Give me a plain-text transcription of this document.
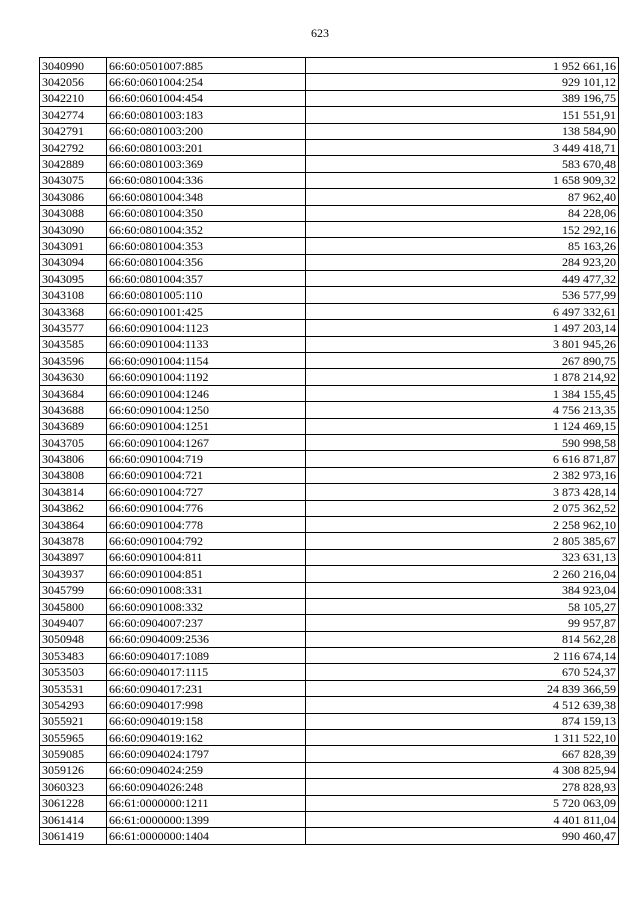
623
3040990	66:60:0501007:885	1 952 661,16
3042056	66:60:0601004:254	929 101,12
3042210	66:60:0601004:454	389 196,75
3042774	66:60:0801003:183	151 551,91
3042791	66:60:0801003:200	138 584,90
3042792	66:60:0801003:201	3 449 418,71
3042889	66:60:0801003:369	583 670,48
3043075	66:60:0801004:336	1 658 909,32
3043086	66:60:0801004:348	87 962,40
3043088	66:60:0801004:350	84 228,06
3043090	66:60:0801004:352	152 292,16
3043091	66:60:0801004:353	85 163,26
3043094	66:60:0801004:356	284 923,20
3043095	66:60:0801004:357	449 477,32
3043108	66:60:0801005:110	536 577,99
3043368	66:60:0901001:425	6 497 332,61
3043577	66:60:0901004:1123	1 497 203,14
3043585	66:60:0901004:1133	3 801 945,26
3043596	66:60:0901004:1154	267 890,75
3043630	66:60:0901004:1192	1 878 214,92
3043684	66:60:0901004:1246	1 384 155,45
3043688	66:60:0901004:1250	4 756 213,35
3043689	66:60:0901004:1251	1 124 469,15
3043705	66:60:0901004:1267	590 998,58
3043806	66:60:0901004:719	6 616 871,87
3043808	66:60:0901004:721	2 382 973,16
3043814	66:60:0901004:727	3 873 428,14
3043862	66:60:0901004:776	2 075 362,52
3043864	66:60:0901004:778	2 258 962,10
3043878	66:60:0901004:792	2 805 385,67
3043897	66:60:0901004:811	323 631,13
3043937	66:60:0901004:851	2 260 216,04
3045799	66:60:0901008:331	384 923,04
3045800	66:60:0901008:332	58 105,27
3049407	66:60:0904007:237	99 957,87
3050948	66:60:0904009:2536	814 562,28
3053483	66:60:0904017:1089	2 116 674,14
3053503	66:60:0904017:1115	670 524,37
3053531	66:60:0904017:231	24 839 366,59
3054293	66:60:0904017:998	4 512 639,38
3055921	66:60:0904019:158	874 159,13
3055965	66:60:0904019:162	1 311 522,10
3059085	66:60:0904024:1797	667 828,39
3059126	66:60:0904024:259	4 308 825,94
3060323	66:60:0904026:248	278 828,93
3061228	66:61:0000000:1211	5 720 063,09
3061414	66:61:0000000:1399	4 401 811,04
3061419	66:61:0000000:1404	990 460,47
